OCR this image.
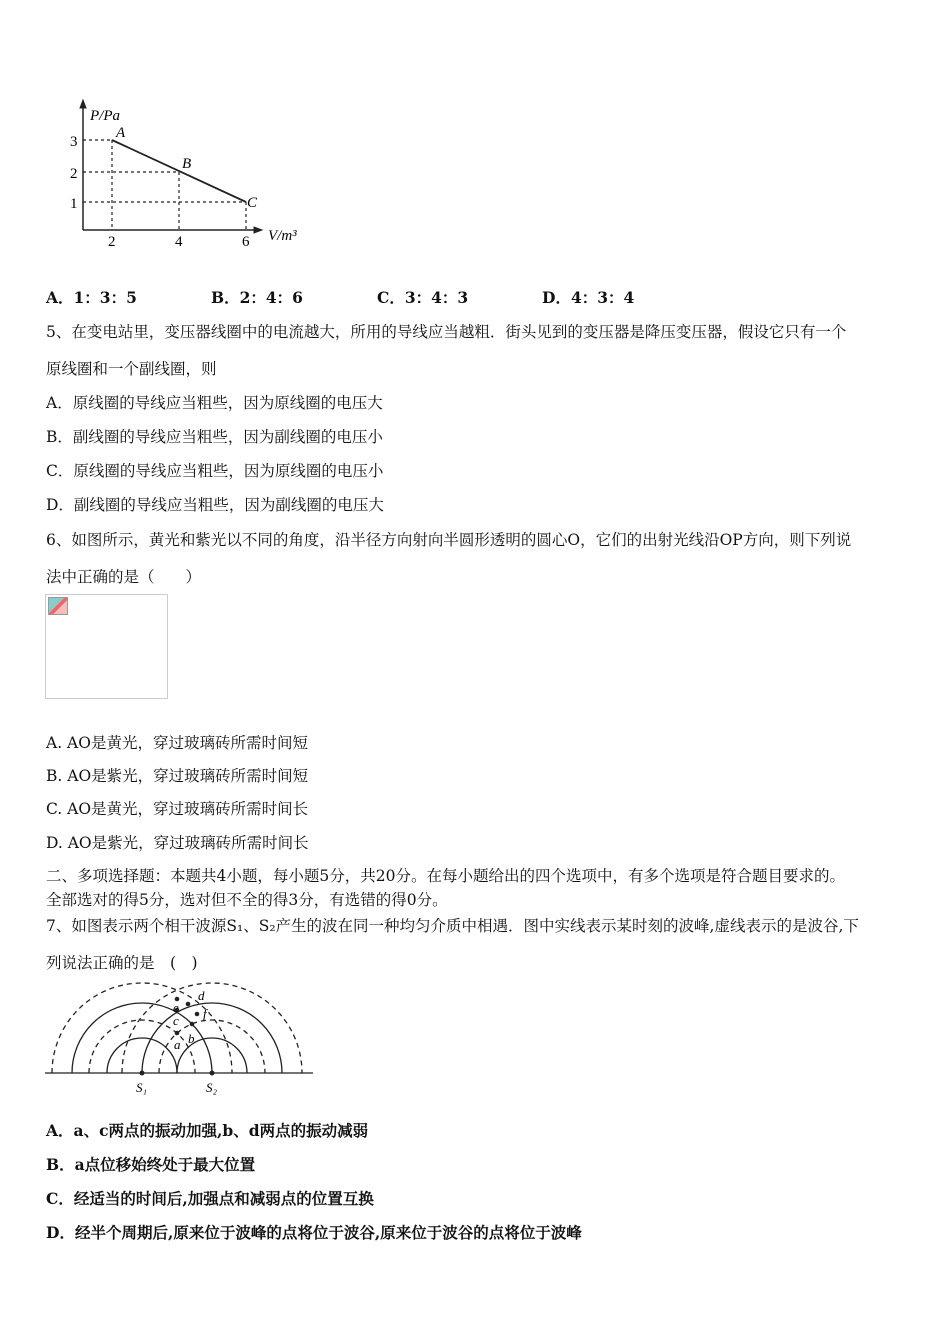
P/Pa
V/m³
3
2
1
2	4	6
A
B
C
S₁	S₂
a b
c
d
e f
A．1：3：5	B．2：4：6	C．3：4：3	D．4：3：4
5、在变电站里，变压器线圈中的电流越大，所用的导线应当越粗．街头见到的变压器是降压变压器，假设它只有一个
原线圈和一个副线圈，则
A．原线圈的导线应当粗些，因为原线圈的电压大
B．副线圈的导线应当粗些，因为副线圈的电压小
C．原线圈的导线应当粗些，因为原线圈的电压小
D．副线圈的导线应当粗些，因为副线圈的电压大
6、如图所示，黄光和紫光以不同的角度，沿半径方向射向半圆形透明的圆心O，它们的出射光线沿OP方向，则下列说
法中正确的是（　　）
A. AO是黄光，穿过玻璃砖所需时间短
B. AO是紫光，穿过玻璃砖所需时间短
C. AO是黄光，穿过玻璃砖所需时间长
D. AO是紫光，穿过玻璃砖所需时间长
二、多项选择题：本题共4小题，每小题5分，共20分。在每小题给出的四个选项中，有多个选项是符合题目要求的。
全部选对的得5分，选对但不全的得3分，有选错的得0分。
7、如图表示两个相干波源S₁、S₂产生的波在同一种均匀介质中相遇．图中实线表示某时刻的波峰,虚线表示的是波谷,下
列说法正确的是　(　)
A．a、c两点的振动加强,b、d两点的振动减弱
B．a点位移始终处于最大位置
C．经适当的时间后,加强点和减弱点的位置互换
D．经半个周期后,原来位于波峰的点将位于波谷,原来位于波谷的点将位于波峰
